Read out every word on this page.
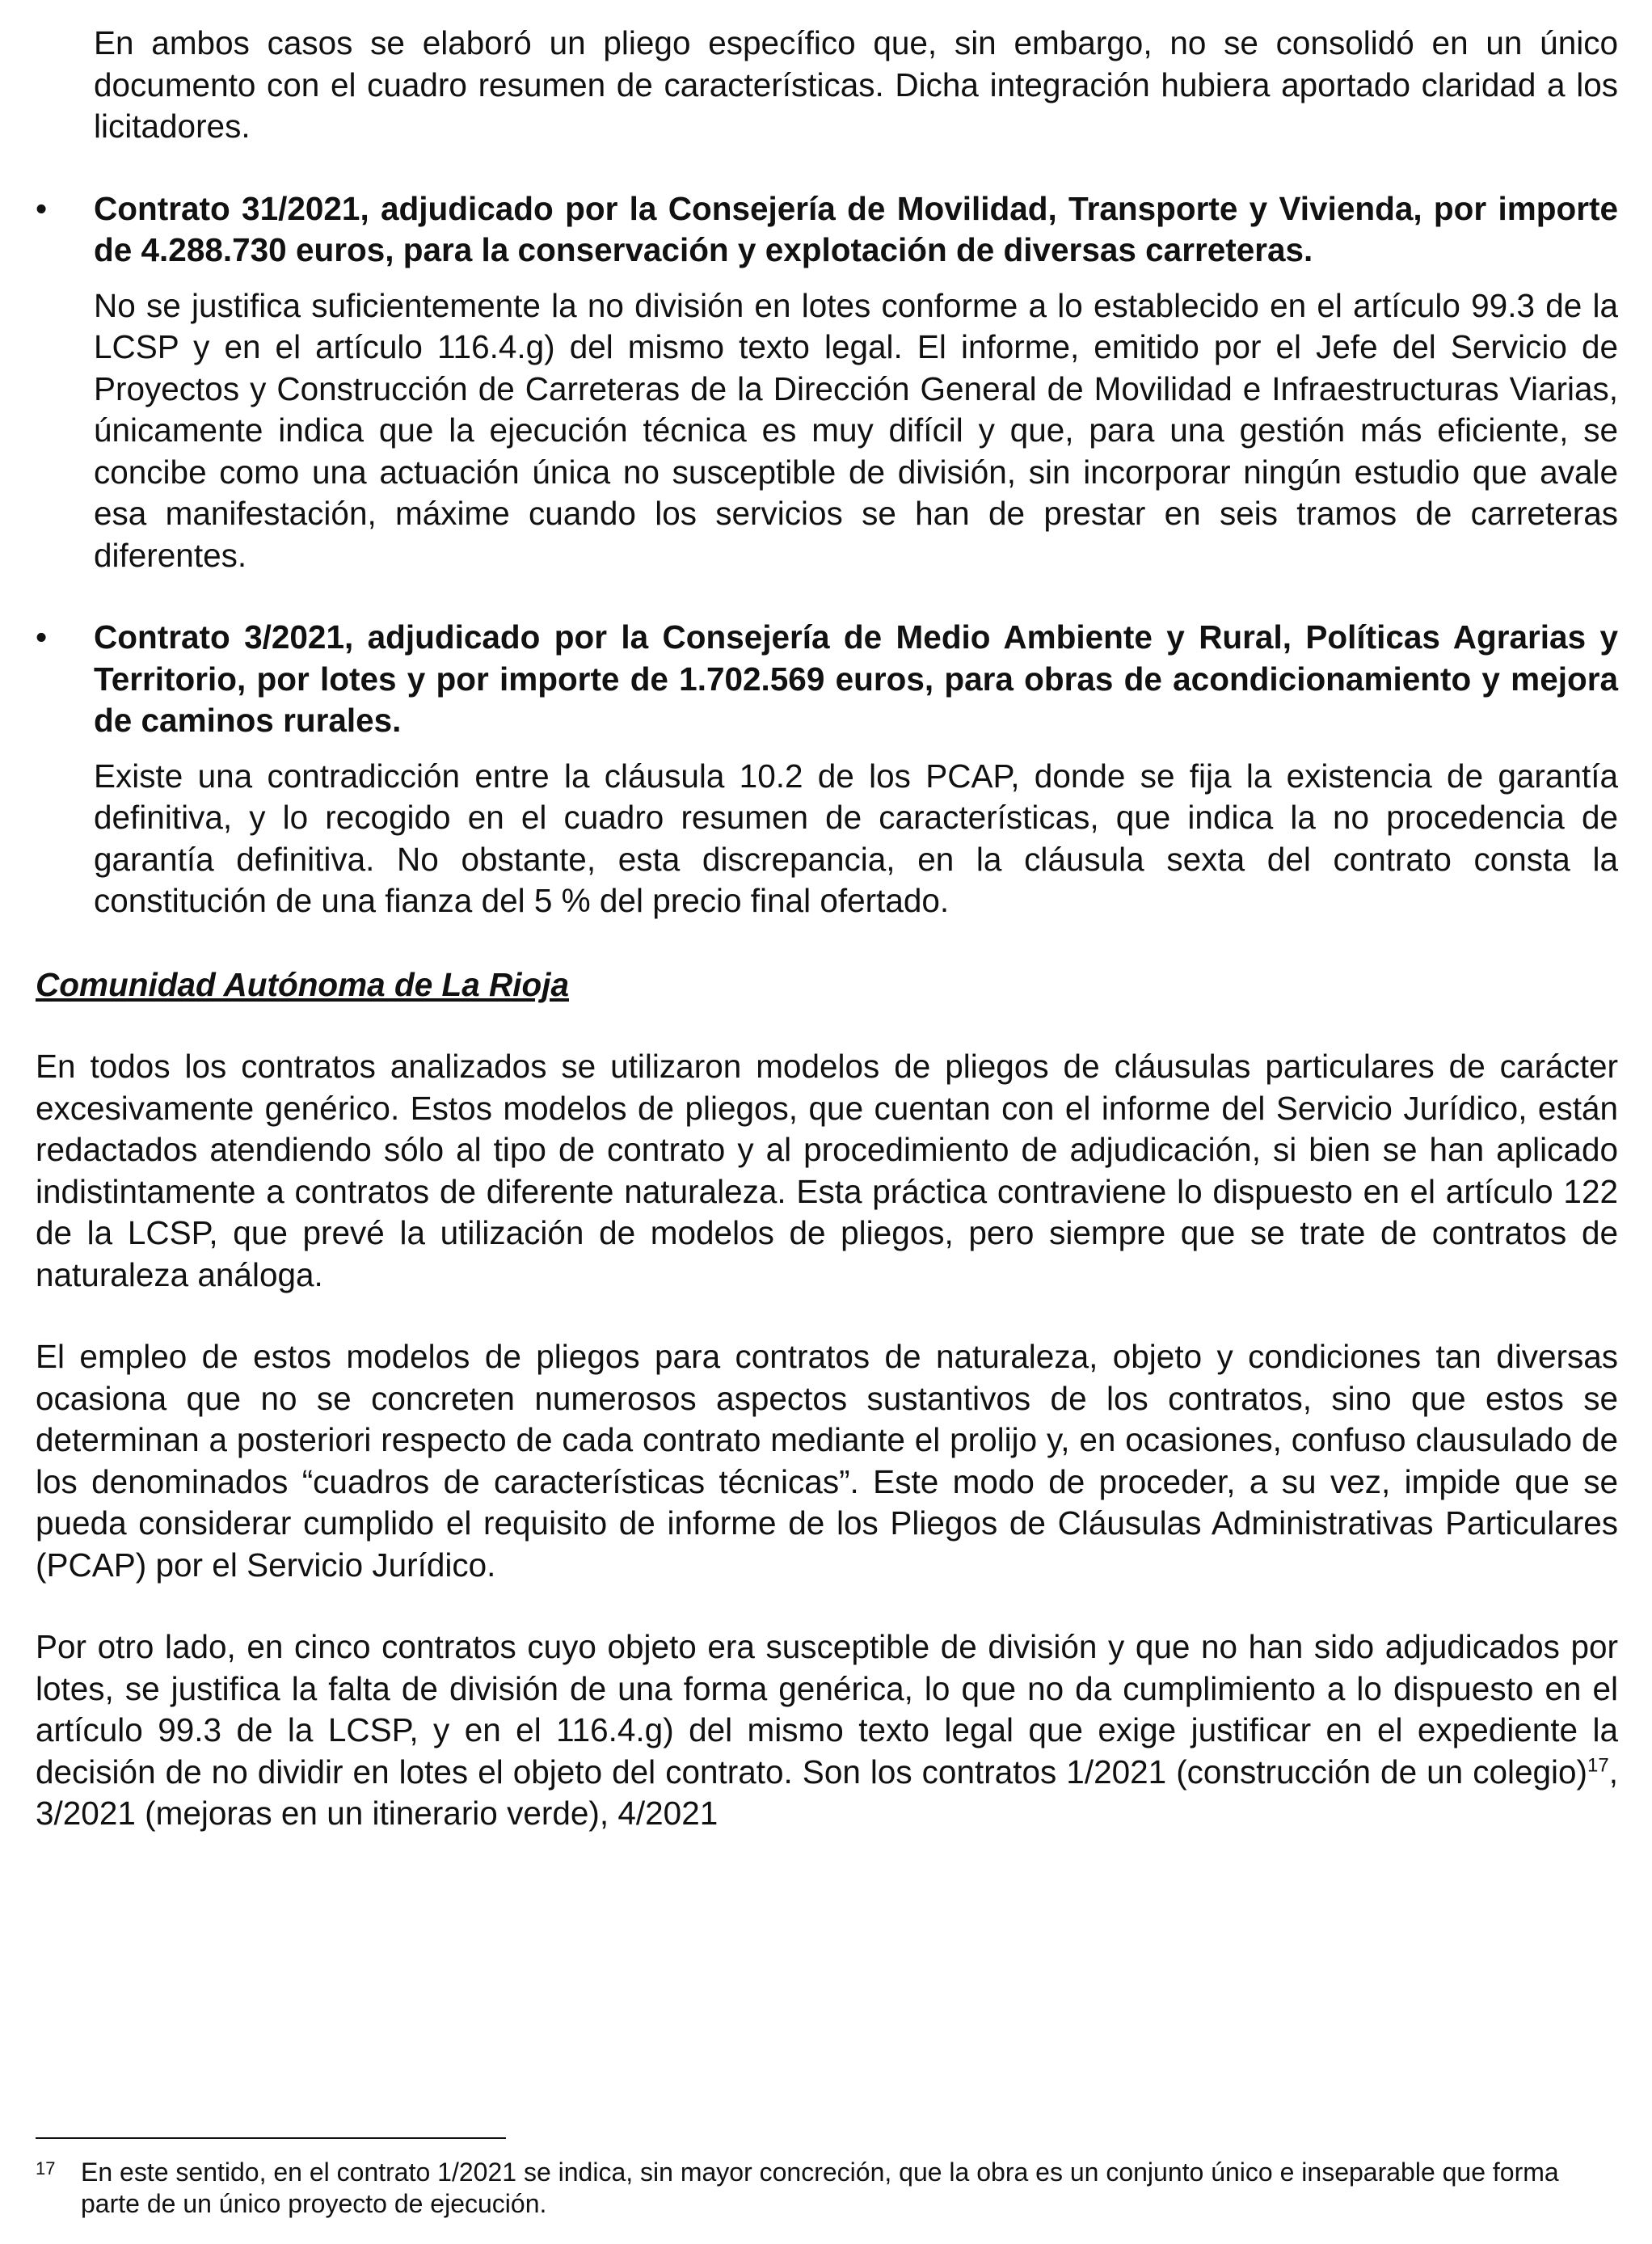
En ambos casos se elaboró un pliego específico que, sin embargo, no se consolidó en un único documento con el cuadro resumen de características. Dicha integración hubiera aportado claridad a los licitadores.

• Contrato 31/2021, adjudicado por la Consejería de Movilidad, Transporte y Vivienda, por importe de 4.288.730 euros, para la conservación y explotación de diversas carreteras.

No se justifica suficientemente la no división en lotes conforme a lo establecido en el artículo 99.3 de la LCSP y en el artículo 116.4.g) del mismo texto legal. El informe, emitido por el Jefe del Servicio de Proyectos y Construcción de Carreteras de la Dirección General de Movilidad e Infraestructuras Viarias, únicamente indica que la ejecución técnica es muy difícil y que, para una gestión más eficiente, se concibe como una actuación única no susceptible de división, sin incorporar ningún estudio que avale esa manifestación, máxime cuando los servicios se han de prestar en seis tramos de carreteras diferentes.

• Contrato 3/2021, adjudicado por la Consejería de Medio Ambiente y Rural, Políticas Agrarias y Territorio, por lotes y por importe de 1.702.569 euros, para obras de acondicionamiento y mejora de caminos rurales.

Existe una contradicción entre la cláusula 10.2 de los PCAP, donde se fija la existencia de garantía definitiva, y lo recogido en el cuadro resumen de características, que indica la no procedencia de garantía definitiva. No obstante, esta discrepancia, en la cláusula sexta del contrato consta la constitución de una fianza del 5 % del precio final ofertado.

Comunidad Autónoma de La Rioja

En todos los contratos analizados se utilizaron modelos de pliegos de cláusulas particulares de carácter excesivamente genérico. Estos modelos de pliegos, que cuentan con el informe del Servicio Jurídico, están redactados atendiendo sólo al tipo de contrato y al procedimiento de adjudicación, si bien se han aplicado indistintamente a contratos de diferente naturaleza. Esta práctica contraviene lo dispuesto en el artículo 122 de la LCSP, que prevé la utilización de modelos de pliegos, pero siempre que se trate de contratos de naturaleza análoga.

El empleo de estos modelos de pliegos para contratos de naturaleza, objeto y condiciones tan diversas ocasiona que no se concreten numerosos aspectos sustantivos de los contratos, sino que estos se determinan a posteriori respecto de cada contrato mediante el prolijo y, en ocasiones, confuso clausulado de los denominados “cuadros de características técnicas”. Este modo de proceder, a su vez, impide que se pueda considerar cumplido el requisito de informe de los Pliegos de Cláusulas Administrativas Particulares (PCAP) por el Servicio Jurídico.

Por otro lado, en cinco contratos cuyo objeto era susceptible de división y que no han sido adjudicados por lotes, se justifica la falta de división de una forma genérica, lo que no da cumplimiento a lo dispuesto en el artículo 99.3 de la LCSP, y en el 116.4.g) del mismo texto legal que exige justificar en el expediente la decisión de no dividir en lotes el objeto del contrato. Son los contratos 1/2021 (construcción de un colegio)$^{17}$, 3/2021 (mejoras en un itinerario verde), 4/2021

17 En este sentido, en el contrato 1/2021 se indica, sin mayor concreción, que la obra es un conjunto único e inseparable que forma parte de un único proyecto de ejecución.
